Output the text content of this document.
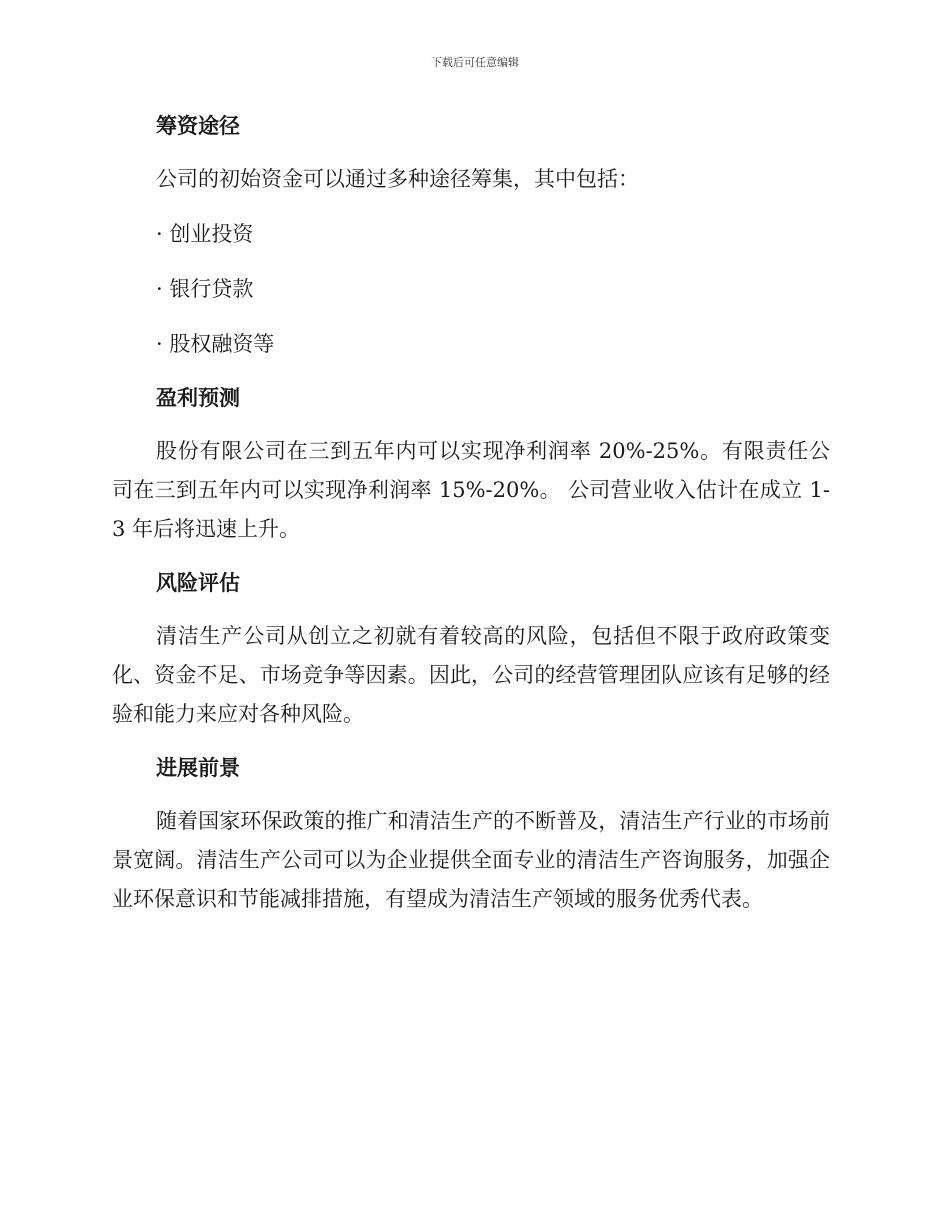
下载后可任意编辑
筹资途径

公司的初始资金可以通过多种途径筹集，其中包括：

· 创业投资

· 银行贷款

· 股权融资等

盈利预测

股份有限公司在三到五年内可以实现净利润率 20%-25%。有限责任公司在三到五年内可以实现净利润率 15%-20%。 公司营业收入估计在成立 1-3 年后将迅速上升。

风险评估

清洁生产公司从创立之初就有着较高的风险，包括但不限于政府政策变化、资金不足、市场竞争等因素。因此，公司的经营管理团队应该有足够的经验和能力来应对各种风险。

进展前景

随着国家环保政策的推广和清洁生产的不断普及，清洁生产行业的市场前景宽阔。清洁生产公司可以为企业提供全面专业的清洁生产咨询服务，加强企业环保意识和节能减排措施，有望成为清洁生产领域的服务优秀代表。
